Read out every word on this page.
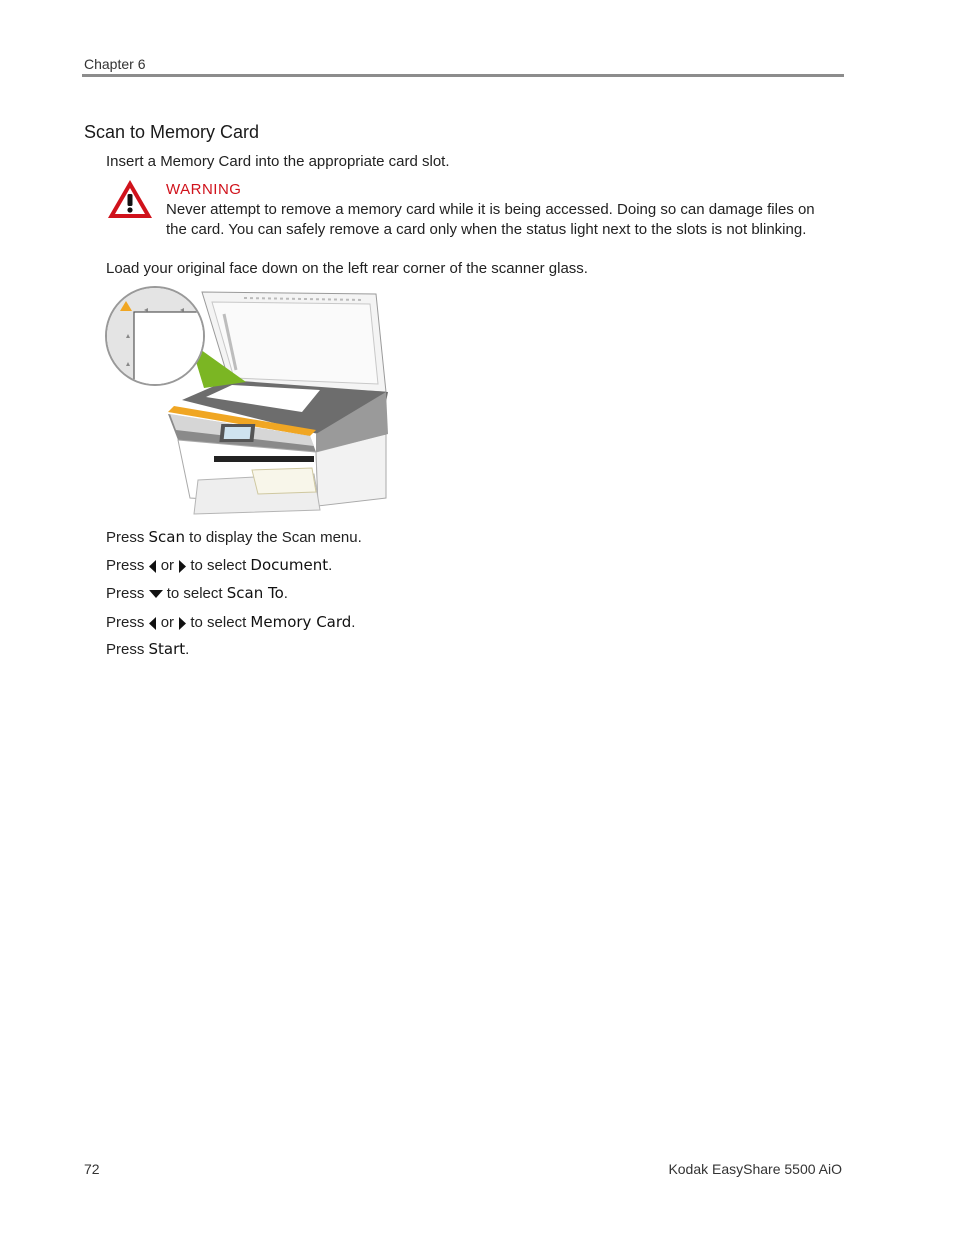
Chapter 6
Scan to Memory Card
Insert a Memory Card into the appropriate card slot.
WARNING
Never attempt to remove a memory card while it is being accessed. Doing so can damage files on the card. You can safely remove a card only when the status light next to the slots is not blinking.
Load your original face down on the left rear corner of the scanner glass.
Press Scan to display the Scan menu.
Press or to select Document.
Press to select Scan To.
Press or to select Memory Card.
Press Start.
72	Kodak EasyShare 5500 AiO
